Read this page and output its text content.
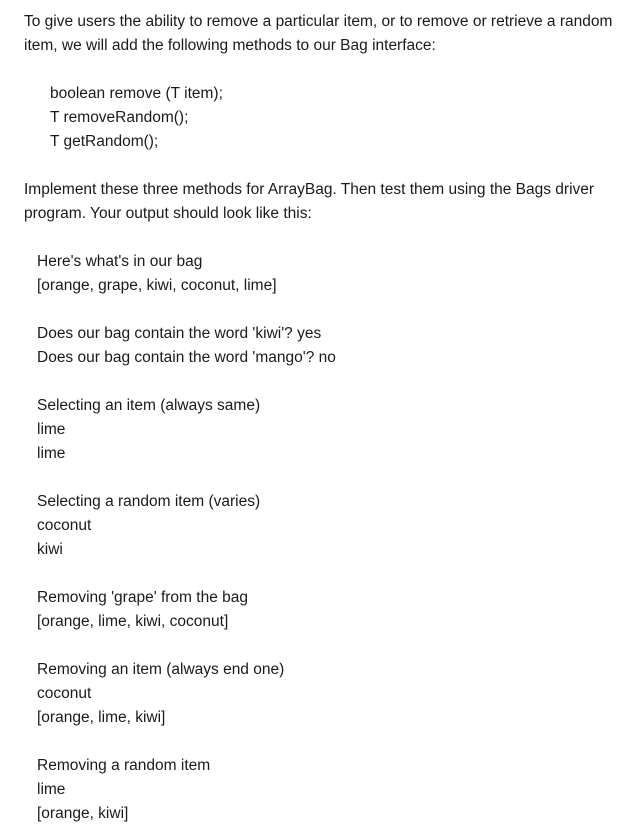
To give users the ability to remove a particular item, or to remove or retrieve a random
item, we will add the following methods to our Bag interface:
boolean remove (T item);
T removeRandom();
T getRandom();
Implement these three methods for ArrayBag. Then test them using the Bags driver
program. Your output should look like this:
Here's what's in our bag
[orange, grape, kiwi, coconut, lime]
Does our bag contain the word 'kiwi'? yes
Does our bag contain the word 'mango'? no
Selecting an item (always same)
lime
lime
Selecting a random item (varies)
coconut
kiwi
Removing 'grape' from the bag
[orange, lime, kiwi, coconut]
Removing an item (always end one)
coconut
[orange, lime, kiwi]
Removing a random item
lime
[orange, kiwi]
